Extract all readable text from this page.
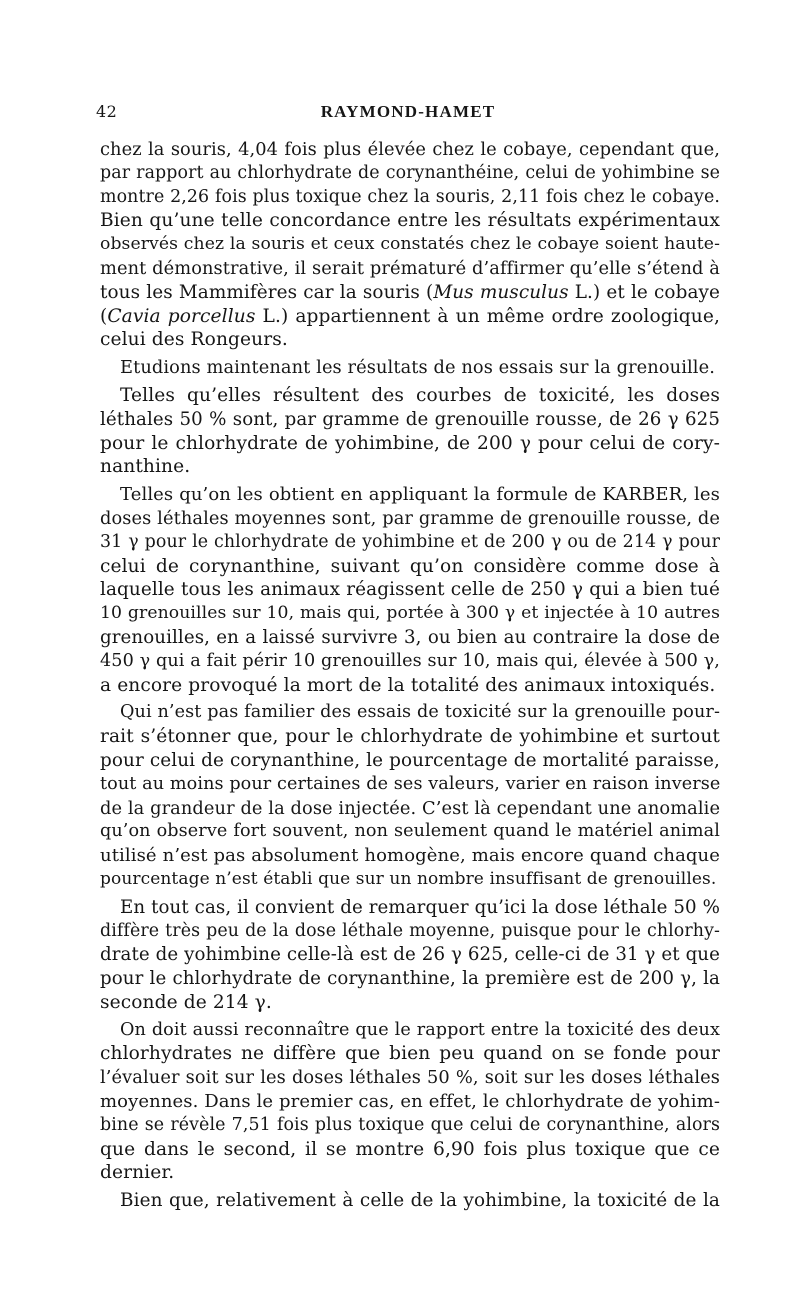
42	RAYMOND-HAMET
chez la souris, 4,04 fois plus élevée chez le cobaye, cependant que,
par rapport au chlorhydrate de corynanthéine, celui de yohimbine se
montre 2,26 fois plus toxique chez la souris, 2,11 fois chez le cobaye.
Bien qu’une telle concordance entre les résultats expérimentaux
observés chez la souris et ceux constatés chez le cobaye soient haute-
ment démonstrative, il serait prématuré d’affirmer qu’elle s’étend à
tous les Mammifères car la souris (Mus musculus L.) et le cobaye
(Cavia porcellus L.) appartiennent à un même ordre zoologique,
celui des Rongeurs.
Etudions maintenant les résultats de nos essais sur la grenouille.
Telles qu’elles résultent des courbes de toxicité, les doses
léthales 50 % sont, par gramme de grenouille rousse, de 26 γ 625
pour le chlorhydrate de yohimbine, de 200 γ pour celui de cory-
nanthine.
Telles qu’on les obtient en appliquant la formule de KARBER, les
doses léthales moyennes sont, par gramme de grenouille rousse, de
31 γ pour le chlorhydrate de yohimbine et de 200 γ ou de 214 γ pour
celui de corynanthine, suivant qu’on considère comme dose à
laquelle tous les animaux réagissent celle de 250 γ qui a bien tué
10 grenouilles sur 10, mais qui, portée à 300 γ et injectée à 10 autres
grenouilles, en a laissé survivre 3, ou bien au contraire la dose de
450 γ qui a fait périr 10 grenouilles sur 10, mais qui, élevée à 500 γ,
a encore provoqué la mort de la totalité des animaux intoxiqués.
Qui n’est pas familier des essais de toxicité sur la grenouille pour-
rait s’étonner que, pour le chlorhydrate de yohimbine et surtout
pour celui de corynanthine, le pourcentage de mortalité paraisse,
tout au moins pour certaines de ses valeurs, varier en raison inverse
de la grandeur de la dose injectée. C’est là cependant une anomalie
qu’on observe fort souvent, non seulement quand le matériel animal
utilisé n’est pas absolument homogène, mais encore quand chaque
pourcentage n’est établi que sur un nombre insuffisant de grenouilles.
En tout cas, il convient de remarquer qu’ici la dose léthale 50 %
diffère très peu de la dose léthale moyenne, puisque pour le chlorhy-
drate de yohimbine celle-là est de 26 γ 625, celle-ci de 31 γ et que
pour le chlorhydrate de corynanthine, la première est de 200 γ, la
seconde de 214 γ.
On doit aussi reconnaître que le rapport entre la toxicité des deux
chlorhydrates ne diffère que bien peu quand on se fonde pour
l’évaluer soit sur les doses léthales 50 %, soit sur les doses léthales
moyennes. Dans le premier cas, en effet, le chlorhydrate de yohim-
bine se révèle 7,51 fois plus toxique que celui de corynanthine, alors
que dans le second, il se montre 6,90 fois plus toxique que ce
dernier.
Bien que, relativement à celle de la yohimbine, la toxicité de la
